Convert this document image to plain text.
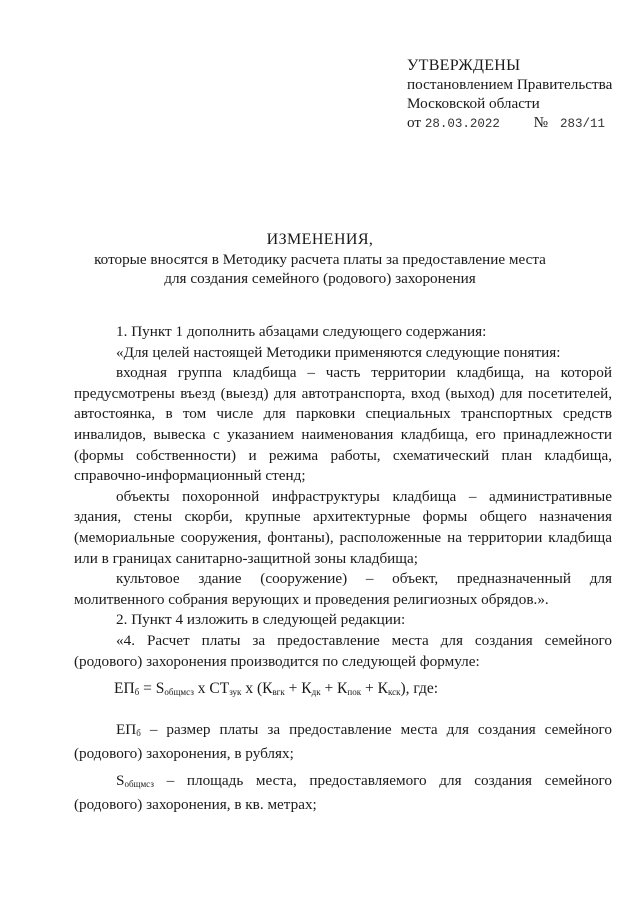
УТВЕРЖДЕНЫ
постановлением Правительства
Московской области
от 28.03.2022 № 283/11
ИЗМЕНЕНИЯ,
которые вносятся в Методику расчета платы за предоставление места
для создания семейного (родового) захоронения

1. Пункт 1 дополнить абзацами следующего содержания:

«Для целей настоящей Методики применяются следующие понятия:

входная группа кладбища – часть территории кладбища, на которой предусмотрены въезд (выезд) для автотранспорта, вход (выход) для посетителей, автостоянка, в том числе для парковки специальных транспортных средств инвалидов, вывеска с указанием наименования кладбища, его принадлежности (формы собственности) и режима работы, схематический план кладбища, справочно-информационный стенд;

объекты похоронной инфраструктуры кладбища – административные здания, стены скорби, крупные архитектурные формы общего назначения (мемориальные сооружения, фонтаны), расположенные на территории кладбища или в границах санитарно-защитной зоны кладбища;

культовое здание (сооружение) – объект, предназначенный для молитвенного собрания верующих и проведения религиозных обрядов.».

2. Пункт 4 изложить в следующей редакции:

«4. Расчет платы за предоставление места для создания семейного (родового) захоронения производится по следующей формуле:

$ЕП_б = S_{общмсз}$ x $СТ_{зук}$ x $(К_{вгк} + К_{дк} + К_{пок} + К_{кск})$, где:

$ЕП_б$ – размер платы за предоставление места для создания семейного (родового) захоронения, в рублях;

$S_{общмсз}$ – площадь места, предоставляемого для создания семейного (родового) захоронения, в кв. метрах;
